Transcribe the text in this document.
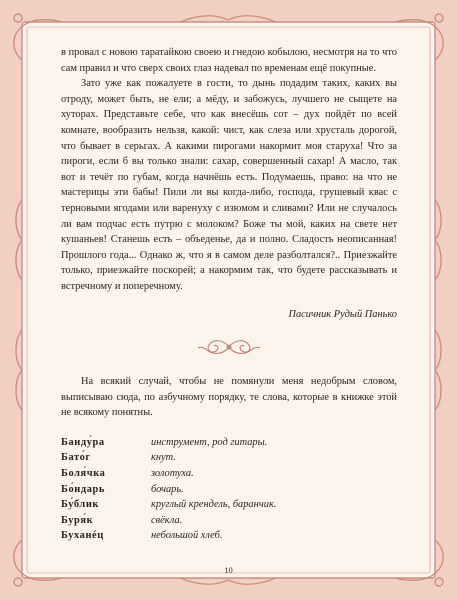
в провал с новою таратайкою своею и гнедою кобылою, несмотря на то что сам правил и что сверх своих глаз надевал по временам ещё покупные.

Зато уже как пожалуете в гости, то дынь подадим таких, каких вы отроду, может быть, не ели; а мёду, и забожусь, лучшего не сыщете на хуторах. Представьте себе, что как внесёшь сот – дух пойдёт по всей комнате, вообразить нельзя, какой: чист, как слеза или хрусталь дорогой, что бывает в серьгах. А какими пирогами накормит моя старуха! Что за пироги, если б вы только знали: сахар, совершенный сахар! А масло, так вот и течёт по губам, когда начнёшь есть. Подумаешь, право: на что не мастерицы эти бабы! Пили ли вы когда-либо, господа, грушевый квас с терновыми ягодами или варенуху с изюмом и сливами? Или не случалось ли вам подчас есть путрю с молоком? Боже ты мой, каких на свете нет кушаньев! Станешь есть – объеденье, да и полно. Сладость неописанная! Прошлого года... Однако ж, что я в самом деле разболтался?.. Приезжайте только, приезжайте поскорей; а накормим так, что будете рассказывать и встречному и поперечному.

Пасичник Рудый Панько

На всякий случай, чтобы не помянули меня недобрым словом, выписываю сюда, по азбучному порядку, те слова, которые в книжке этой не всякому понятны.

Банду́ра	инструмент, род гитары.
Бато́г	кнут.
Боля́чка	золотуха.
Бо́ндарь	бочарь.
Бу́блик	круглый крендель, баранчик.
Буря́к	свёкла.
Буханéц	небольшой хлеб.
10
